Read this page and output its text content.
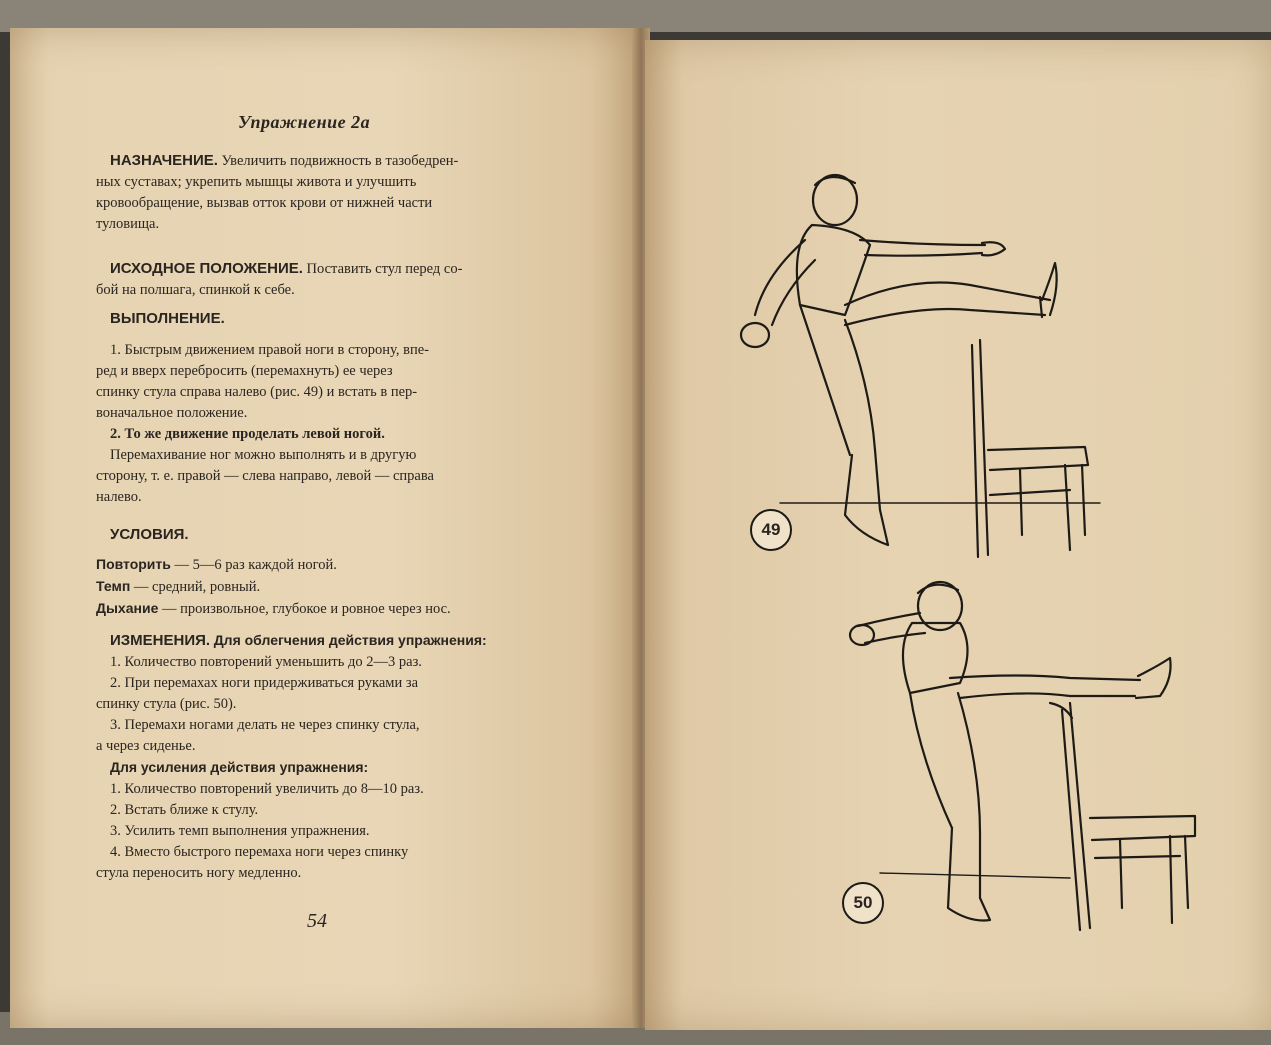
Упражнение 2а

НАЗНАЧЕНИЕ. Увеличить подвижность в тазобедрен-

ных суставах; укрепить мышцы живота и улучшить

кровообращение, вызвав отток крови от нижней части

туловища.

ИСХОДНОЕ ПОЛОЖЕНИЕ. Поставить стул перед со-

бой на полшага, спинкой к себе.

ВЫПОЛНЕНИЕ.

1. Быстрым движением правой ноги в сторону, впе-

ред и вверх перебросить (перемахнуть) ее через

спинку стула справа налево (рис. 49) и встать в пер-

воначальное положение.

2. То же движение проделать левой ногой.

Перемахивание ног можно выполнять и в другую

сторону, т. е. правой — слева направо, левой — справа

налево.

УСЛОВИЯ.

Повторить — 5—6 раз каждой ногой.

Темп — средний, ровный.

Дыхание — произвольное, глубокое и ровное через нос.

ИЗМЕНЕНИЯ. Для облегчения действия упражнения:

1. Количество повторений уменьшить до 2—3 раз.

2. При перемахах ноги придерживаться руками за

спинку стула (рис. 50).

3. Перемахи ногами делать не через спинку стула,

а через сиденье.

Для усиления действия упражнения:

1. Количество повторений увеличить до 8—10 раз.

2. Встать ближе к стулу.

3. Усилить темп выполнения упражнения.

4. Вместо быстрого перемаха ноги через спинку

стула переносить ногу медленно.

54
49
50
